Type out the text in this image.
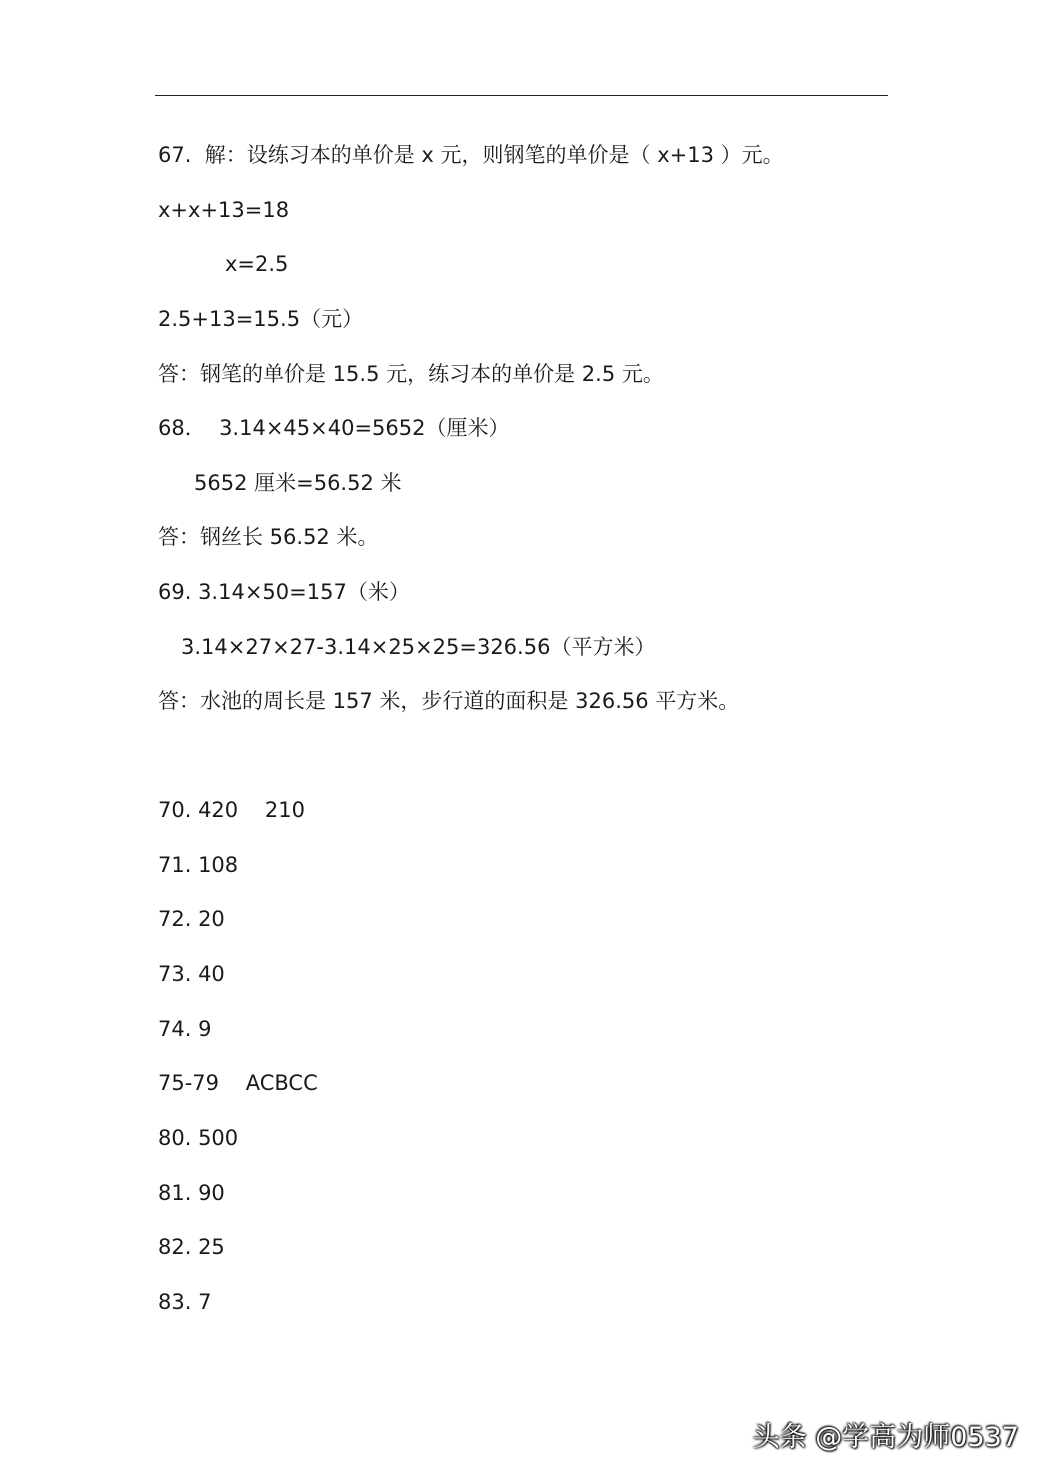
67.  解：设练习本的单价是 x 元，则钢笔的单价是（ x+13 ）元。
x+x+13=18
x=2.5
2.5+13=15.5（元）
答：钢笔的单价是 15.5 元，练习本的单价是 2.5 元。
68．  3.14×45×40=5652（厘米）
5652 厘米=56.52 米
答：钢丝长 56.52 米。
69. 3.14×50=157（米）
3.14×27×27-3.14×25×25=326.56（平方米）
答：水池的周长是 157 米，步行道的面积是 326.56 平方米。
70. 420    210
71. 108
72. 20
73. 40
74. 9
75-79    ACBCC
80. 500
81. 90
82. 25
83. 7
头条 @学高为师0537
